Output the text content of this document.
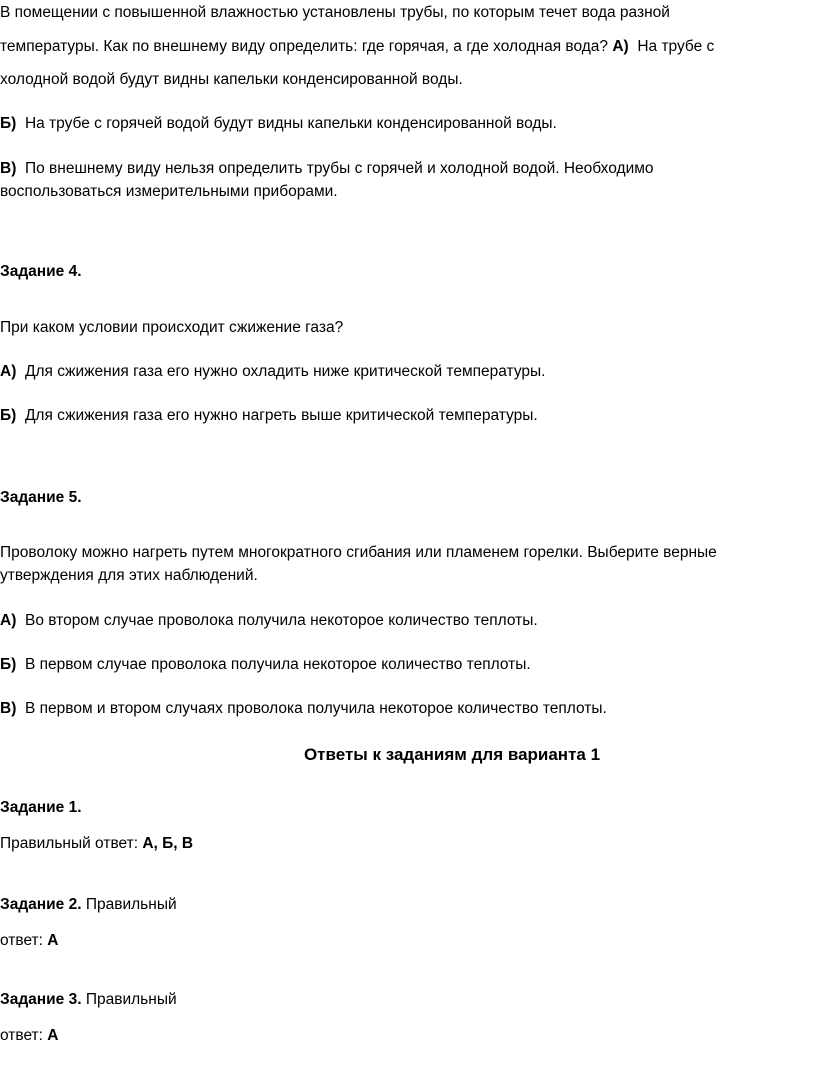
В помещении с повышенной влажностью установлены трубы, по которым течет вода разной
температуры. Как по внешнему виду определить: где горячая, а где холодная вода? А) На трубе с
холодной водой будут видны капельки конденсированной воды.
Б) На трубе с горячей водой будут видны капельки конденсированной воды.
В) По внешнему виду нельзя определить трубы с горячей и холодной водой. Необходимо
воспользоваться измерительными приборами.
Задание 4.
При каком условии происходит сжижение газа?
А) Для сжижения газа его нужно охладить ниже критической температуры.
Б) Для сжижения газа его нужно нагреть выше критической температуры.
Задание 5.
Проволоку можно нагреть путем многократного сгибания или пламенем горелки. Выберите верные
утверждения для этих наблюдений.
А) Во втором случае проволока получила некоторое количество теплоты.
Б) В первом случае проволока получила некоторое количество теплоты.
В) В первом и втором случаях проволока получила некоторое количество теплоты.
Ответы к заданиям для варианта 1
Задание 1.
Правильный ответ: А, Б, В
Задание 2. Правильный
ответ: А
Задание 3. Правильный
ответ: А
